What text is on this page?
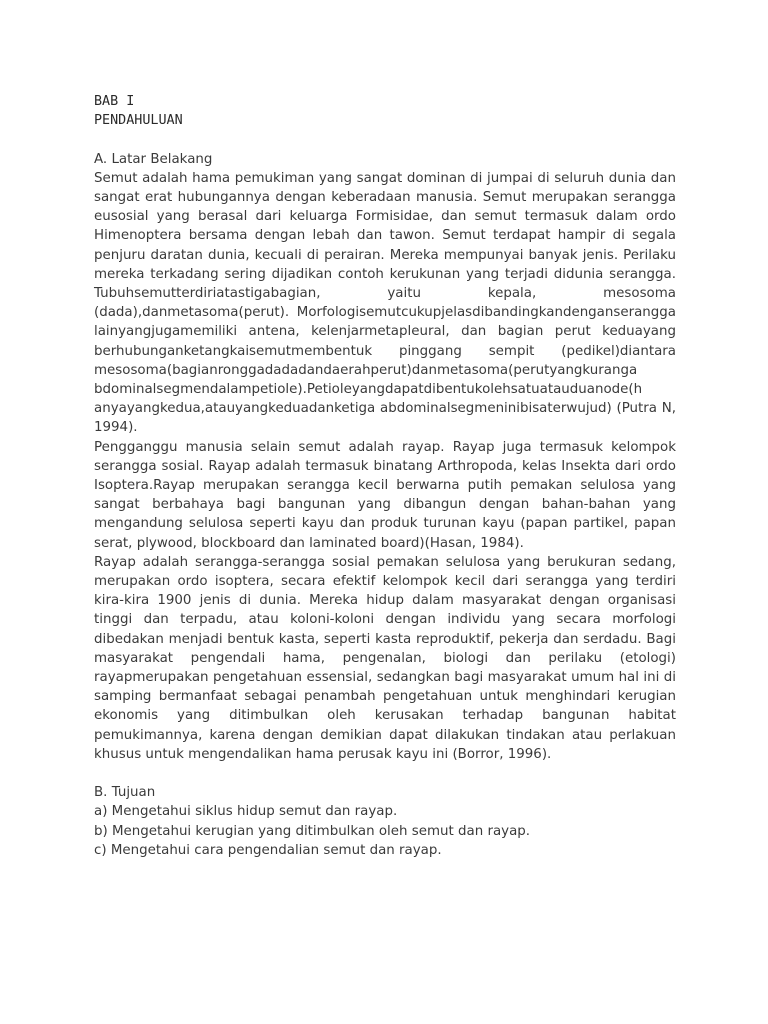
BAB I
PENDAHULUAN
A. Latar Belakang

Semut adalah hama pemukiman yang sangat dominan di jumpai di seluruh dunia dan sangat erat hubungannya dengan keberadaan manusia. Semut merupakan serangga eusosial yang berasal dari keluarga Formisidae, dan semut termasuk dalam ordo Himenoptera bersama dengan lebah dan tawon. Semut terdapat hampir di segala penjuru daratan dunia, kecuali di perairan. Mereka mempunyai banyak jenis. Perilaku mereka terkadang sering dijadikan contoh kerukunan yang terjadi didunia serangga. Tubuhsemutterdiriatastigabagian, yaitu kepala, mesosoma (dada),danmetasoma(perut). Morfologisemutcukupjelasdibandingkandenganserangga lainyangjugamemiliki antena, kelenjarmetapleural, dan bagian perut keduayang berhubunganketangkaisemutmembentuk pinggang sempit (pedikel)diantara mesosoma(bagianronggadadadandaerahperut)danmetasoma(perutyangkuranga bdominalsegmendalampetiole).Petioleyangdapatdibentukolehsatuatauduanode(h anyayangkedua,atauyangkeduadanketiga abdominalsegmeninibisaterwujud) (Putra N, 1994).

Pengganggu manusia selain semut adalah rayap. Rayap juga termasuk kelompok serangga sosial. Rayap adalah termasuk binatang Arthropoda, kelas Insekta dari ordo Isoptera.Rayap merupakan serangga kecil berwarna putih pemakan selulosa yang sangat berbahaya bagi bangunan yang dibangun dengan bahan-bahan yang mengandung selulosa seperti kayu dan produk turunan kayu (papan partikel, papan serat, plywood, blockboard dan laminated board)(Hasan, 1984).

Rayap adalah serangga-serangga sosial pemakan selulosa yang berukuran sedang, merupakan ordo isoptera, secara efektif kelompok kecil dari serangga yang terdiri kira-kira 1900 jenis di dunia. Mereka hidup dalam masyarakat dengan organisasi tinggi dan terpadu, atau koloni-koloni dengan individu yang secara morfologi dibedakan menjadi bentuk kasta, seperti kasta reproduktif, pekerja dan serdadu. Bagi masyarakat pengendali hama, pengenalan, biologi dan perilaku (etologi) rayapmerupakan pengetahuan essensial, sedangkan bagi masyarakat umum hal ini di samping bermanfaat sebagai penambah pengetahuan untuk menghindari kerugian ekonomis yang ditimbulkan oleh kerusakan terhadap bangunan habitat pemukimannya, karena dengan demikian dapat dilakukan tindakan atau perlakuan khusus untuk mengendalikan hama perusak kayu ini (Borror, 1996).

B. Tujuan
a) Mengetahui siklus hidup semut dan rayap.
b) Mengetahui kerugian yang ditimbulkan oleh semut dan rayap.
c) Mengetahui cara pengendalian semut dan rayap.
